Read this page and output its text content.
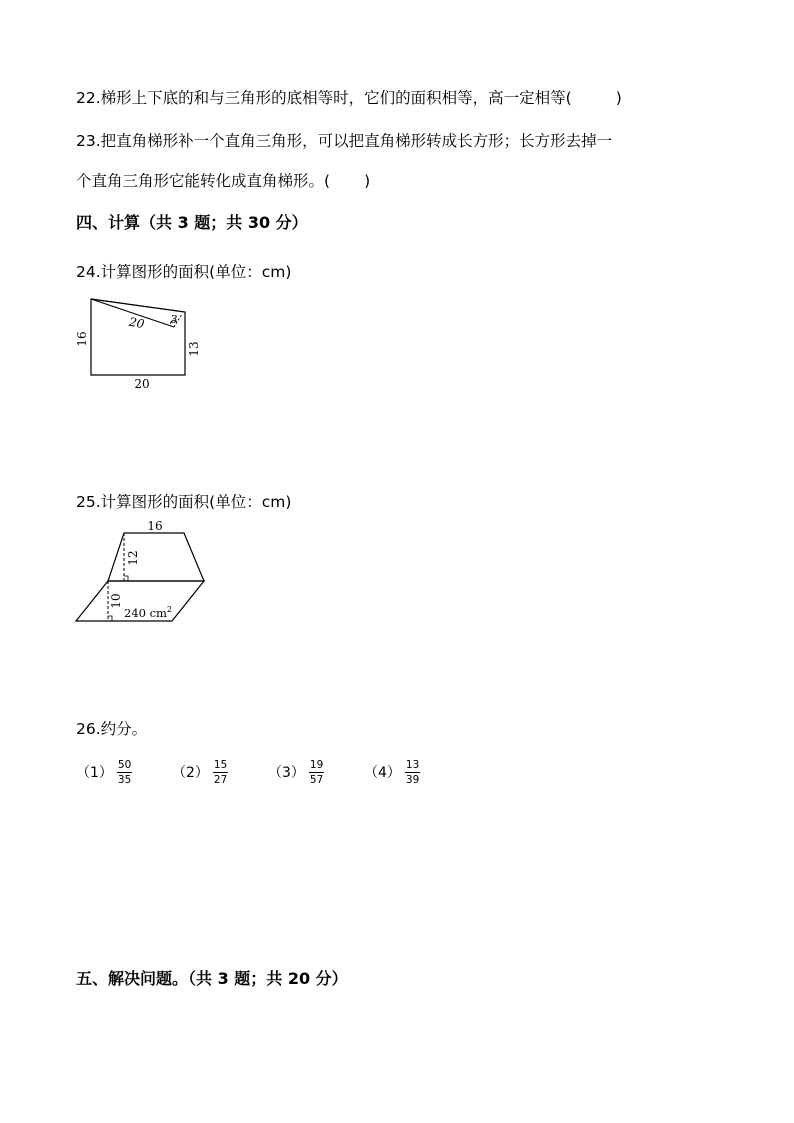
22.梯形上下底的和与三角形的底相等时，它们的面积相等，高一定相等(	)
23.把直角梯形补一个直角三角形，可以把直角梯形转成长方形；长方形去掉一
个直角三角形它能转化成直角梯形。( )
四、计算（共 3 题；共 30 分）
24.计算图形的面积(单位：cm)
16
13
20
20 3
25.计算图形的面积(单位：cm)
16
12
10
240 $cm^2$
26.约分。
$(1) \frac{50}{35}$	$(2) \frac{15}{27}$	$(3) \frac{19}{57}$	$(4) \frac{13}{39}$
五、解决问题。（共 3 题；共 20 分）
